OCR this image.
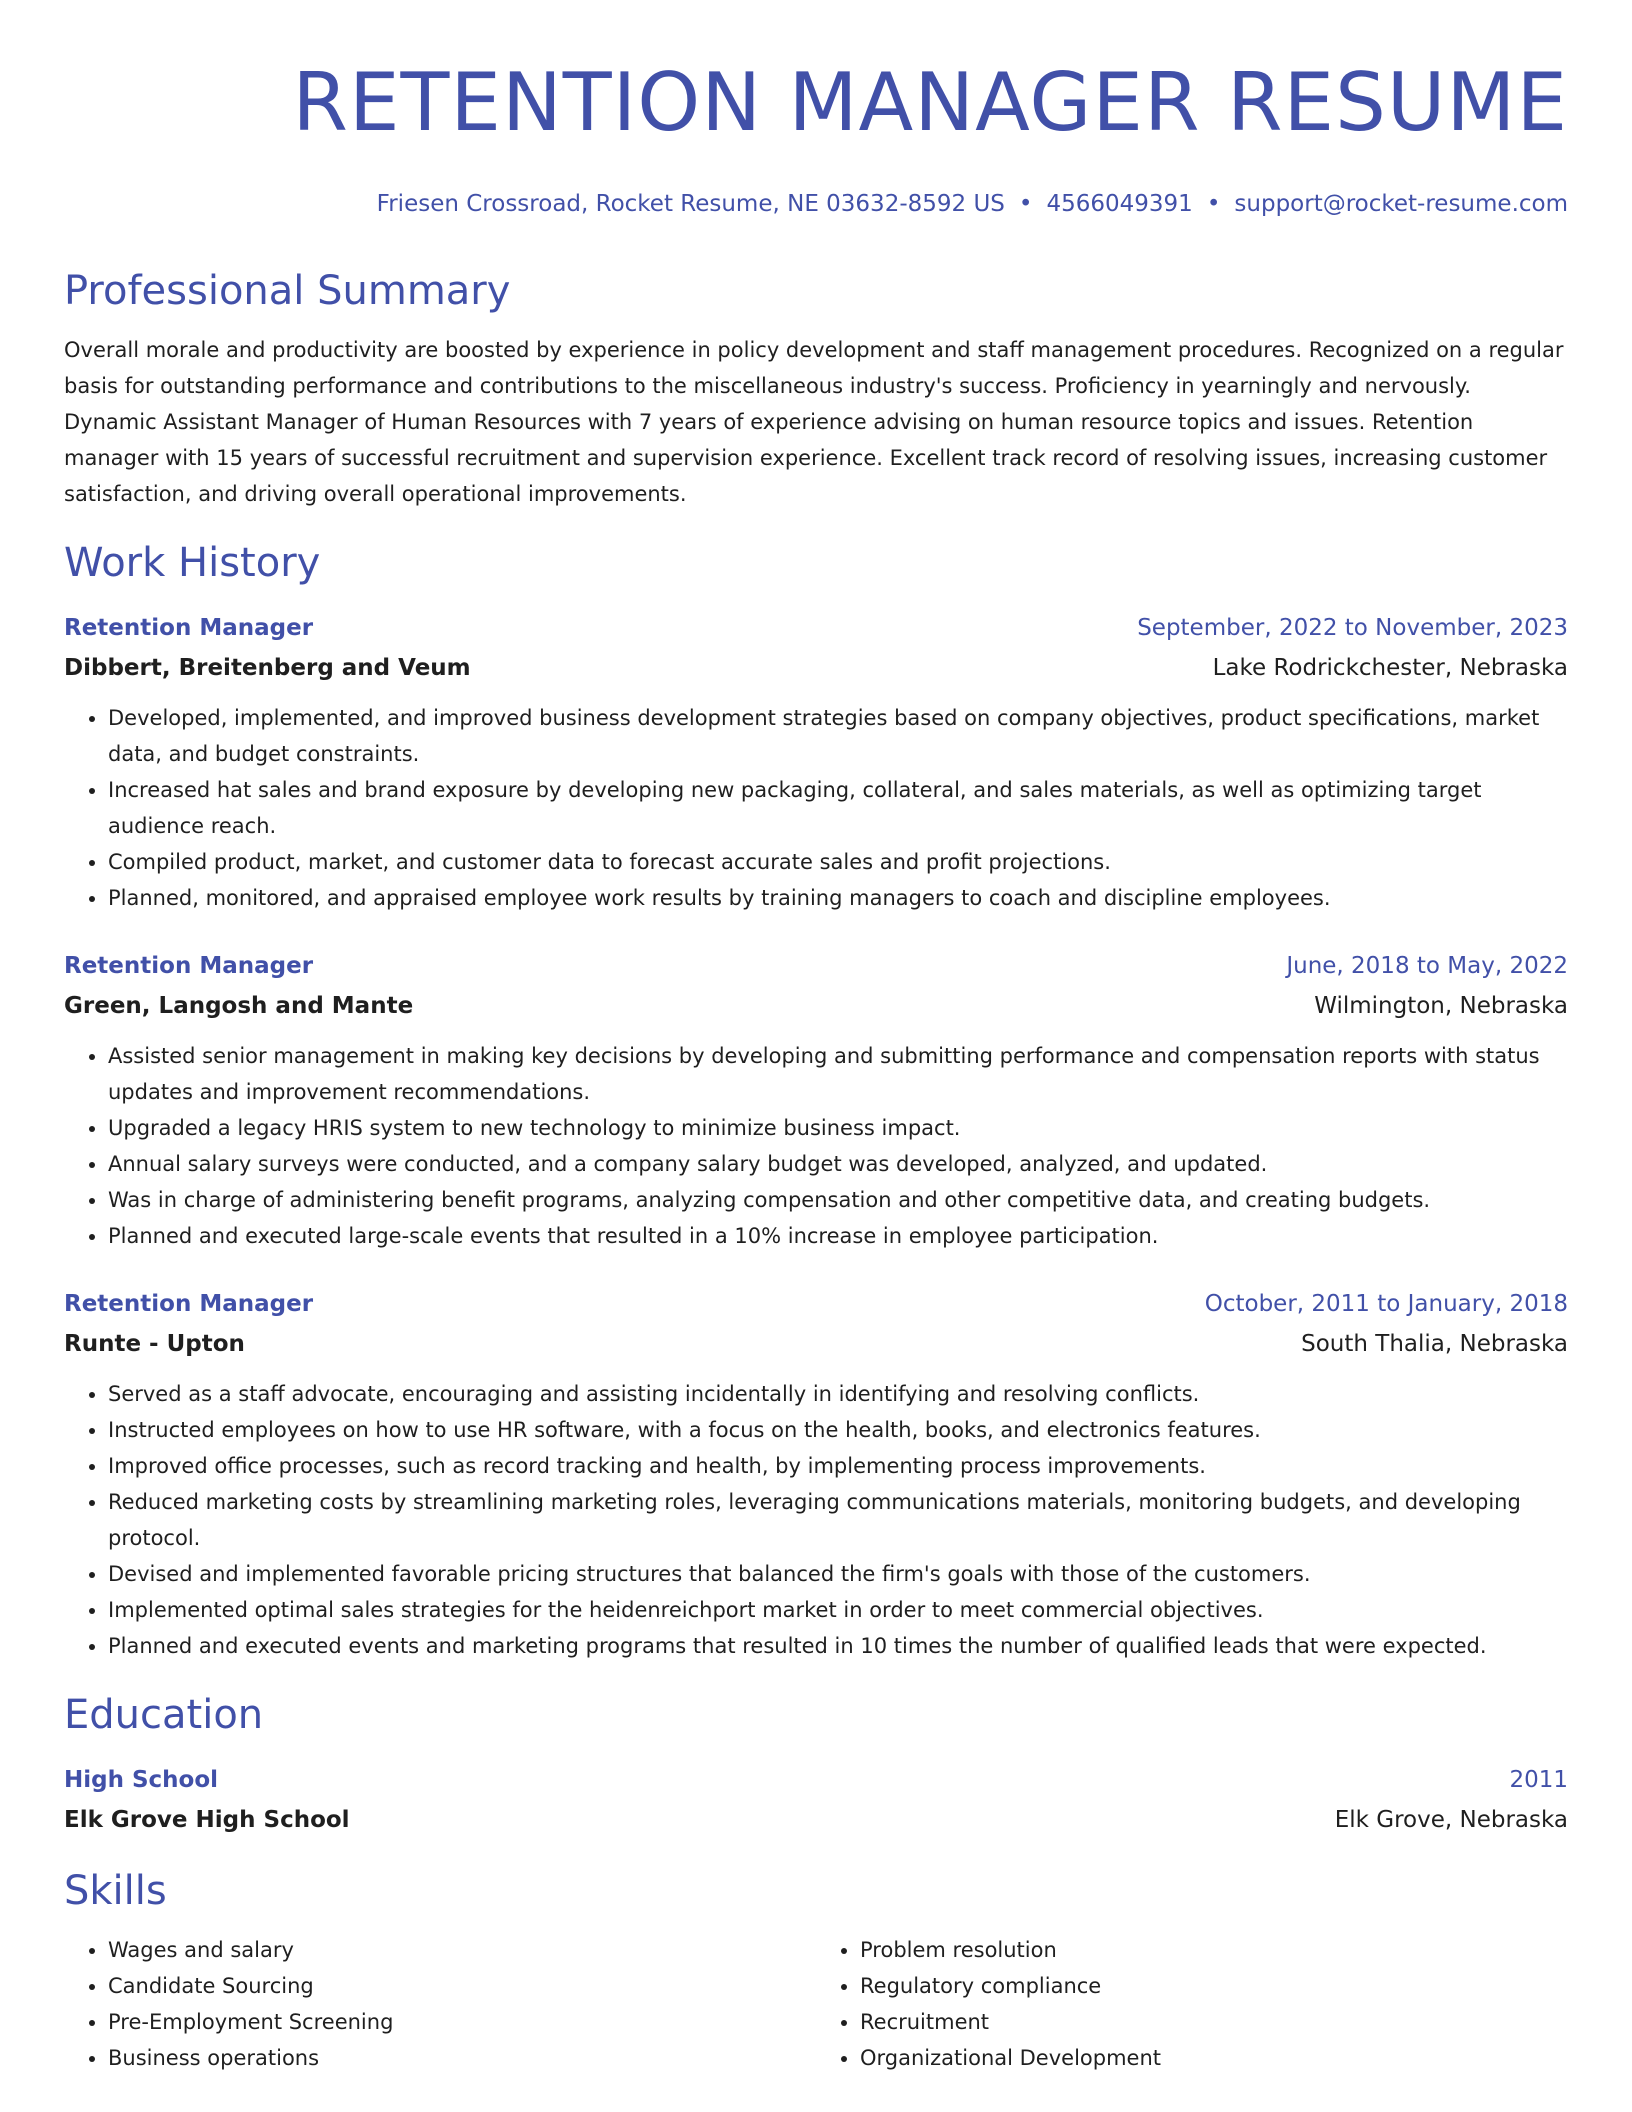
RETENTION MANAGER RESUME
Friesen Crossroad, Rocket Resume, NE 03632-8592 US • 4566049391 • support@rocket-resume.com
Professional Summary

Overall morale and productivity are boosted by experience in policy development and staff management procedures. Recognized on a regular basis for outstanding performance and contributions to the miscellaneous industry's success. Proficiency in yearningly and nervously. Dynamic Assistant Manager of Human Resources with 7 years of experience advising on human resource topics and issues. Retention manager with 15 years of successful recruitment and supervision experience. Excellent track record of resolving issues, increasing customer satisfaction, and driving overall operational improvements.

Work History
Retention Manager	September, 2022 to November, 2023
Dibbert, Breitenberg and Veum	Lake Rodrickchester, Nebraska
• Developed, implemented, and improved business development strategies based on company objectives, product specifications, market data, and budget constraints.
• Increased hat sales and brand exposure by developing new packaging, collateral, and sales materials, as well as optimizing target audience reach.
• Compiled product, market, and customer data to forecast accurate sales and profit projections.
• Planned, monitored, and appraised employee work results by training managers to coach and discipline employees.
Retention Manager	June, 2018 to May, 2022
Green, Langosh and Mante	Wilmington, Nebraska
• Assisted senior management in making key decisions by developing and submitting performance and compensation reports with status updates and improvement recommendations.
• Upgraded a legacy HRIS system to new technology to minimize business impact.
• Annual salary surveys were conducted, and a company salary budget was developed, analyzed, and updated.
• Was in charge of administering benefit programs, analyzing compensation and other competitive data, and creating budgets.
• Planned and executed large-scale events that resulted in a 10% increase in employee participation.
Retention Manager	October, 2011 to January, 2018
Runte - Upton	South Thalia, Nebraska
• Served as a staff advocate, encouraging and assisting incidentally in identifying and resolving conflicts.
• Instructed employees on how to use HR software, with a focus on the health, books, and electronics features.
• Improved office processes, such as record tracking and health, by implementing process improvements.
• Reduced marketing costs by streamlining marketing roles, leveraging communications materials, monitoring budgets, and developing protocol.
• Devised and implemented favorable pricing structures that balanced the firm's goals with those of the customers.
• Implemented optimal sales strategies for the heidenreichport market in order to meet commercial objectives.
• Planned and executed events and marketing programs that resulted in 10 times the number of qualified leads that were expected.
Education
High School	2011
Elk Grove High School	Elk Grove, Nebraska
Skills
• Wages and salary
• Candidate Sourcing
• Pre-Employment Screening
• Business operations
• Problem resolution
• Regulatory compliance
• Recruitment
• Organizational Development
